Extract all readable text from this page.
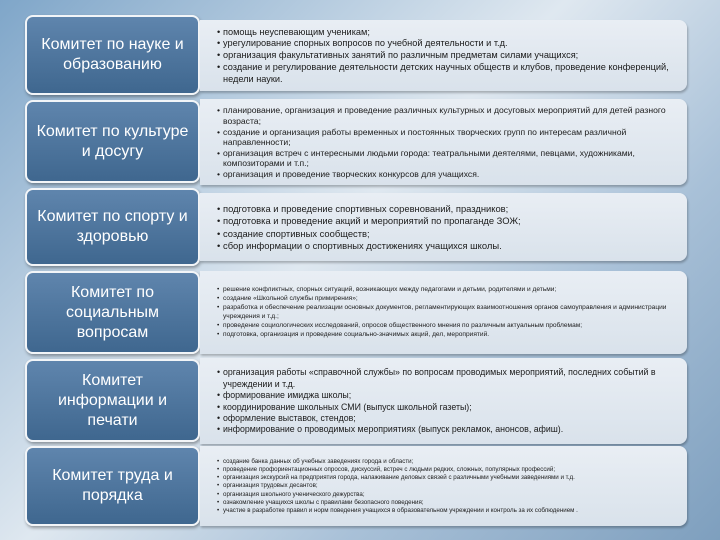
Комитет по науке и образованию
• помощь неуспевающим ученикам;
• урегулирование спорных вопросов по учебной деятельности и т.д.
• организация факультативных занятий по различным предметам силами учащихся;
• создание и регулирование деятельности детских научных обществ и клубов, проведение конференций, недели науки.
Комитет по культуре и досугу
• планирование, организация и проведение различных культурных и досуговых мероприятий для детей разного возраста;
• создание и организация работы временных и постоянных творческих групп по интересам различной направленности;
• организация встреч с интересными людьми города: театральными деятелями, певцами, художниками, композиторами и т.п.;
• организация и проведение творческих конкурсов для учащихся.
Комитет по спорту и здоровью
• подготовка и проведение спортивных соревнований, праздников;
• подготовка и проведение акций и мероприятий по пропаганде ЗОЖ;
• создание спортивных сообществ;
• сбор информации о спортивных достижениях учащихся школы.
Комитет по социальным вопросам
• решение конфликтных, спорных ситуаций, возникающих между педагогами и детьми, родителями и детьми;
• создание «Школьной службы примирения»;
• разработка и обеспечение реализации основных документов, регламентирующих взаимоотношения органов самоуправления и администрации учреждения и т.д.;
• проведение социологических исследований, опросов общественного мнения по различным актуальным проблемам;
• подготовка, организация и проведение социально-значимых акций, дел, мероприятий.
Комитет информации и печати
• организация работы «справочной службы» по вопросам проводимых мероприятий, последних событий в учреждении и т.д.
• формирование имиджа школы;
• координирование школьных СМИ (выпуск школьной газеты);
• оформление выставок, стендов;
• информирование о проводимых мероприятиях (выпуск рекламок, анонсов, афиш).
Комитет труда и порядка
• создание банка данных об учебных заведениях города и области;
• проведение профориентационных опросов, дискуссий, встреч с людьми редких, сложных, популярных профессий;
• организация экскурсий на предприятия города, налаживание деловых связей с различными учебными заведениями и т.д.
• организация трудовых десантов;
• организация школьного ученического дежурства;
• ознакомление учащихся школы с правилами безопасного поведения;
• участие в разработке правил и норм поведения учащихся в образовательном учреждении и контроль за их соблюдением .
